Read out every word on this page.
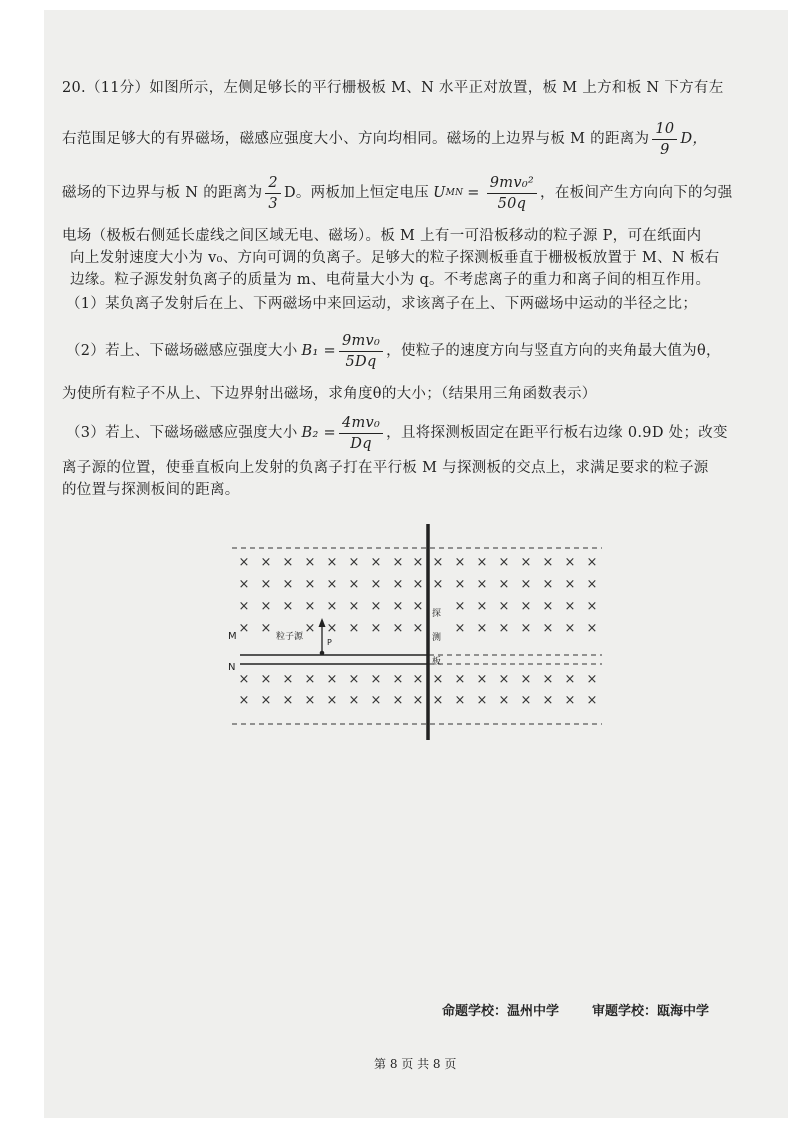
20.（11分）如图所示，左侧足够长的平行栅极板 M、N 水平正对放置，板 M 上方和板 N 下方有左
右范围足够大的有界磁场，磁感应强度大小、方向均相同。磁场的上边界与板 M 的距离为 $\frac{10}{9}$ D，
磁场的下边界与板 N 的距离为 $\frac{2}{3}$ D。两板加上恒定电压 U MN = $\frac{\text{9mv₀²}}{50q}$ ，在板间产生方向向下的匀强
电场（极板右侧延长虚线之间区域无电、磁场）。板 M 上有一可沿板移动的粒子源 P，可在纸面内
向上发射速度大小为 v₀、方向可调的负离子。足够大的粒子探测板垂直于栅极板放置于 M、N 板右
边缘。粒子源发射负离子的质量为 m、电荷量大小为 q。不考虑离子的重力和离子间的相互作用。
（1）某负离子发射后在上、下两磁场中来回运动，求该离子在上、下两磁场中运动的半径之比；
（2）若上、下磁场磁感应强度大小 $B_1 = \frac{\text{9mv₀}}{5Dq}$ ，使粒子的速度方向与竖直方向的夹角最大值为θ，
为使所有粒子不从上、下边界射出磁场，求角度θ的大小；（结果用三角函数表示）
（3）若上、下磁场磁感应强度大小 $B_2 = \frac{\text{4mv₀}}{Dq}$ ，且将探测板固定在距平行板右边缘 0.9D 处；改变
离子源的位置，使垂直板向上发射的负离子打在平行板 M 与探测板的交点上，求满足要求的粒子源
的位置与探测板间的距离。
× × × × × × × × × × × × × × × × ×
× × × × × × × × × × × × × × × × ×
× × × × × × × × × × × × × × × ×
× ×	× × × × × × × × × × × × ×
× × × × × × × × × × × × × × × × ×
× × × × × × × × × × × × × × × × ×
M
N
粒子源
P
探
测
板
命题学校：温州中学	审题学校：瓯海中学
第 8 页 共 8 页
